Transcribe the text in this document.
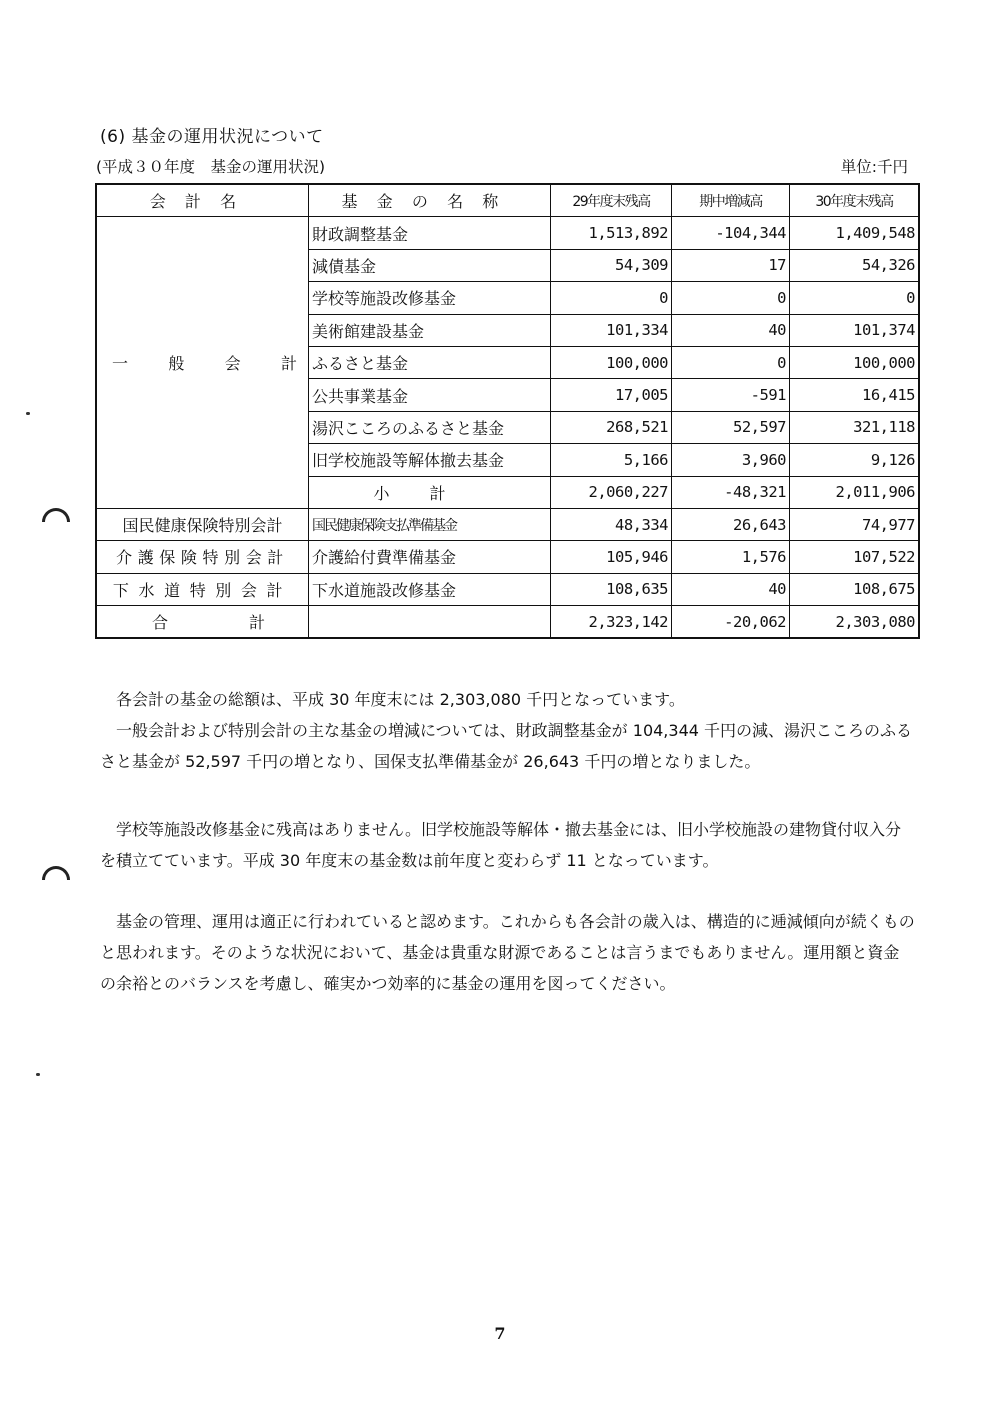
(6) 基金の運用状況について
(平成３０年度　基金の運用状況)	単位:千円
会計名	基金の名称	29年度末残高	期中増減高	30年度末残高

一 般 会 計	財政調整基金	1,513,892	-104,344	1,409,548
	減債基金	54,309	17	54,326
	学校等施設改修基金	0	0	0
	美術館建設基金	101,334	40	101,374
	ふるさと基金	100,000	0	100,000
	公共事業基金	17,005	-591	16,415
	湯沢こころのふるさと基金	268,521	52,597	321,118
	旧学校施設等解体撤去基金	5,166	3,960	9,126
	小計	2,060,227	-48,321	2,011,906
国民健康保険特別会計	国民健康保険支払準備基金	48,334	26,643	74,977
介護保険特別会計	介護給付費準備基金	105,946	1,576	107,522
下水道特別会計	下水道施設改修基金	108,635	40	108,675

合 計		2,323,142	-20,062	2,303,080

各会計の基金の総額は、平成 30 年度末には 2,303,080 千円となっています。

一般会計および特別会計の主な基金の増減については、財政調整基金が 104,344 千円の減、湯沢こころのふるさと基金が 52,597 千円の増となり、国保支払準備基金が 26,643 千円の増となりました。

学校等施設改修基金に残高はありません。旧学校施設等解体・撤去基金には、旧小学校施設の建物貸付収入分を積立てています。平成 30 年度末の基金数は前年度と変わらず 11 となっています。

基金の管理、運用は適正に行われていると認めます。これからも各会計の歳入は、構造的に逓減傾向が続くものと思われます。そのような状況において、基金は貴重な財源であることは言うまでもありません。運用額と資金の余裕とのバランスを考慮し、確実かつ効率的に基金の運用を図ってください。

7
